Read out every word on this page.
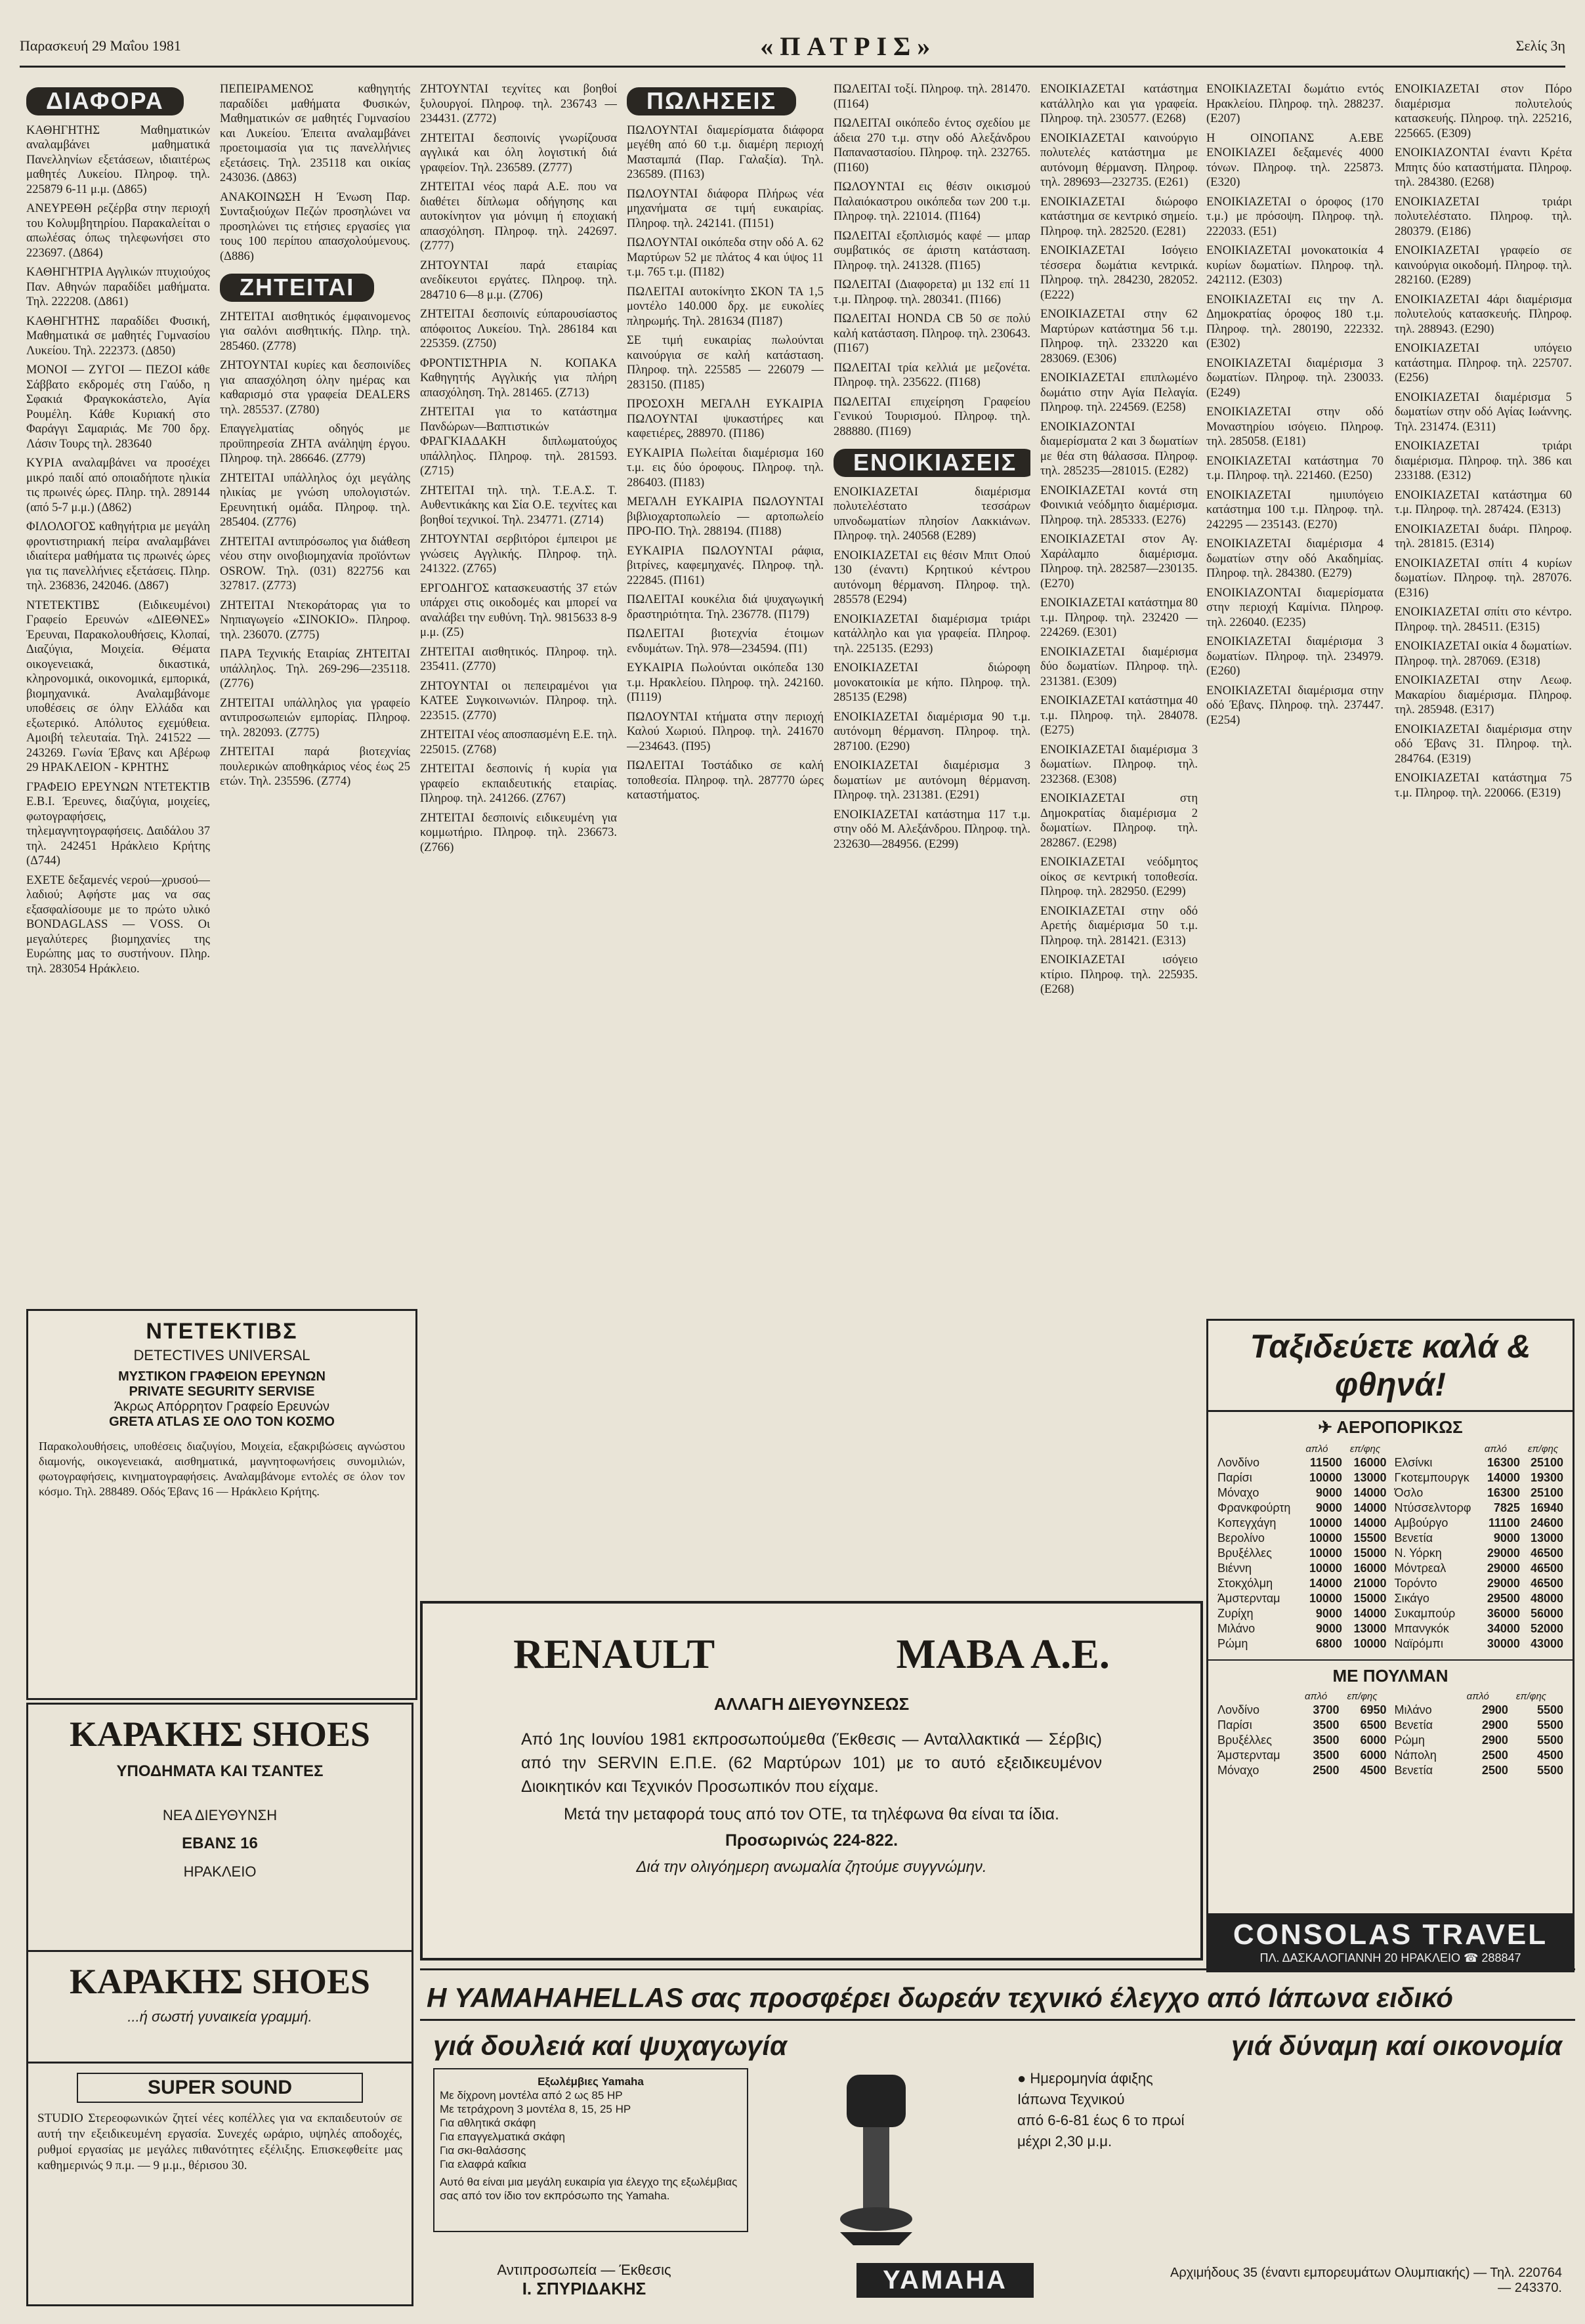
Παρασκευή 29 Μαΐου 1981	«ΠΑΤΡΙΣ»	Σελίς 3η
ΔΙΑΦΟΡΑ

ΚΑΘΗΓΗΤΗΣ Μαθηματικών αναλαμβάνει μαθηματικά Πανελληνίων εξετάσεων, ιδιαιτέρως μαθητές Λυκείου. Πληροφ. τηλ. 225879 6-11 μ.μ. (Δ865)

ΑΝΕΥΡΕΘΗ ρεζέρβα στην περιοχή του Κολυμβητηρίου. Παρακαλείται ο απωλέσας όπως τηλεφωνήσει στο 223697. (Δ864)

ΚΑΘΗΓΗΤΡΙΑ Αγγλικών πτυχιούχος Παν. Αθηνών παραδίδει μαθήματα. Τηλ. 222208. (Δ861)

ΚΑΘΗΓΗΤΗΣ παραδίδει Φυσική, Μαθηματικά σε μαθητές Γυμνασίου Λυκείου. Τηλ. 222373. (Δ850)

ΜΟΝΟΙ — ΖΥΓΟΙ — ΠΕΖΟΙ κάθε Σάββατο εκδρομές στη Γαύδο, η Σφακιά Φραγκοκάστελο, Αγία Ρουμέλη. Κάθε Κυριακή στο Φαράγγι Σαμαριάς. Με 700 δρχ. Λάσιν Τουρς τηλ. 283640

ΚΥΡΙΑ αναλαμβάνει να προσέχει μικρό παιδί από οποιαδήποτε ηλικία τις πρωινές ώρες. Πληρ. τηλ. 289144 (από 5-7 μ.μ.) (Δ862)

ΦΙΛΟΛΟΓΟΣ καθηγήτρια με μεγάλη φροντιστηριακή πείρα αναλαμβάνει ιδιαίτερα μαθήματα τις πρωινές ώρες για τις πανελλήνιες εξετάσεις. Πληρ. τηλ. 236836, 242046. (Δ867)

ΝΤΕΤΕΚΤΙΒΣ (Ειδικευμένοι) Γραφείο Ερευνών «ΔΙΕΘΝΕΣ» Έρευναι, Παρακολουθήσεις, Κλοπαί, Διαζύγια, Μοιχεία. Θέματα οικογενειακά, δικαστικά, κληρονομικά, οικονομικά, εμπορικά, βιομηχανικά. Αναλαμβάνομε υποθέσεις σε όλην Ελλάδα και εξωτερικό. Απόλυτος εχεμύθεια. Αμοιβή τελευταία. Τηλ. 241522 — 243269. Γωνία Έβανς και Αβέρωφ 29 ΗΡΑΚΛΕΙΟΝ - ΚΡΗΤΗΣ

ΓΡΑΦΕΙΟ ΕΡΕΥΝΩΝ ΝΤΕΤΕΚΤΙΒ Ε.Β.Ι. Έρευνες, διαζύγια, μοιχείες, φωτογραφήσεις, τηλεμαγνητογραφήσεις. Δαιδάλου 37 τηλ. 242451 Ηράκλειο Κρήτης (Δ744)

ΕΧΕΤΕ δεξαμενές νερού—χρυσού—λαδιού; Αφήστε μας να σας εξασφαλίσουμε με το πρώτο υλικό BONDAGLASS — VOSS. Οι μεγαλύτερες βιομηχανίες της Ευρώπης μας το συστήνουν. Πληρ. τηλ. 283054 Ηράκλειο.

ΠΕΠΕΙΡΑΜΕΝΟΣ καθηγητής παραδίδει μαθήματα Φυσικών, Μαθηματικών σε μαθητές Γυμνασίου και Λυκείου. Έπειτα αναλαμβάνει προετοιμασία για τις πανελλήνιες εξετάσεις. Τηλ. 235118 και οικίας 243036. (Δ863)

ΑΝΑΚΟΙΝΩΣΗ Η Ένωση Παρ. Συνταξιούχων Πεζών προσηλώνει να προσηλώνει τις ετήσιες εργασίες για τους 100 περίπου απασχολούμενους. (Δ886)

ΖΗΤΕΙΤΑΙ

ΖΗΤΕΙΤΑΙ αισθητικός έμφαινομενος για σαλόνι αισθητικής. Πληρ. τηλ. 285460. (Ζ778)

ΖΗΤΟΥΝΤΑΙ κυρίες και δεσποινίδες για απασχόληση όλην ημέρας και καθαρισμό στα γραφεία DEALERS τηλ. 285537. (Ζ780)

Επαγγελματίας οδηγός με προϋπηρεσία ΖΗΤΑ ανάληψη έργου. Πληροφ. τηλ. 286646. (Ζ779)

ΖΗΤΕΙΤΑΙ υπάλληλος όχι μεγάλης ηλικίας με γνώση υπολογιστών. Ερευνητική ομάδα. Πληροφ. τηλ. 285404. (Ζ776)

ΖΗΤΕΙΤΑΙ αντιπρόσωπος για διάθεση νέου στην οινοβιομηχανία προϊόντων OSROW. Τηλ. (031) 822756 και 327817. (Ζ773)

ΖΗΤΕΙΤΑΙ Ντεκοράτορας για το Νηπιαγωγείο «ΣΙΝΟΚΙΟ». Πληροφ. τηλ. 236070. (Ζ775)

ΠΑΡΑ Τεχνικής Εταιρίας ΖΗΤΕΙΤΑΙ υπάλληλος. Τηλ. 269-296—235118. (Ζ776)

ΖΗΤΕΙΤΑΙ υπάλληλος για γραφείο αντιπροσωπειών εμπορίας. Πληροφ. τηλ. 282093. (Ζ775)

ΖΗΤΕΙΤΑΙ παρά βιοτεχνίας πουλερικών αποθηκάριος νέος έως 25 ετών. Τηλ. 235596. (Ζ774)

ΖΗΤΟΥΝΤΑΙ τεχνίτες και βοηθοί ξυλουργοί. Πληροφ. τηλ. 236743 — 234431. (Ζ772)

ΖΗΤΕΙΤΑΙ δεσποινίς γνωρίζουσα αγγλικά και όλη λογιστική διά γραφείον. Τηλ. 236589. (Ζ777)

ΖΗΤΕΙΤΑΙ νέος παρά Α.Ε. που να διαθέτει δίπλωμα οδήγησης και αυτοκίνητον για μόνιμη ή εποχιακή απασχόληση. Πληροφ. τηλ. 242697. (Ζ777)

ΖΗΤΟΥΝΤΑΙ παρά εταιρίας ανεδίκευτοι εργάτες. Πληροφ. τηλ. 284710 6—8 μ.μ. (Ζ706)

ΖΗΤΕΙΤΑΙ δεσποινίς εύπαρουσίαστος απόφοιτος Λυκείου. Τηλ. 286184 και 225359. (Ζ750)

ΦΡΟΝΤΙΣΤΗΡΙΑ Ν. ΚΟΠΑΚΑ Καθηγητής Αγγλικής για πλήρη απασχόληση. Τηλ. 281465. (Ζ713)

ΖΗΤΕΙΤΑΙ για το κατάστημα Πανδώρων—Βαπτιστικών ΦΡΑΓΚΙΑΔΑΚΗ διπλωματούχος υπάλληλος. Πληροφ. τηλ. 281593. (Ζ715)

ΖΗΤΕΙΤΑΙ τηλ. τηλ. Τ.Ε.Α.Σ. Τ. Αυθεντικάκης και Σία Ο.Ε. τεχνίτες και βοηθοί τεχνικοί. Τηλ. 234771. (Ζ714)

ΖΗΤΟΥΝΤΑΙ σερβιτόροι έμπειροι με γνώσεις Αγγλικής. Πληροφ. τηλ. 241322. (Ζ765)

ΕΡΓΟΔΗΓΟΣ κατασκευαστής 37 ετών υπάρχει στις οικοδομές και μπορεί να αναλάβει την ευθύνη. Τηλ. 9815633 8-9 μ.μ. (Ζ5)

ΖΗΤΕΙΤΑΙ αισθητικός. Πληροφ. τηλ. 235411. (Ζ770)

ΖΗΤΟΥΝΤΑΙ οι πεπειραμένοι για ΚΑΤΕΕ Συγκοινωνιών. Πληροφ. τηλ. 223515. (Ζ770)

ΖΗΤΕΙΤΑΙ νέος αποσπασμένη Ε.Ε. τηλ. 225015. (Ζ768)

ΖΗΤΕΙΤΑΙ δεσποινίς ή κυρία για γραφείο εκπαιδευτικής εταιρίας. Πληροφ. τηλ. 241266. (Ζ767)

ΖΗΤΕΙΤΑΙ δεσποινίς ειδικευμένη για κομμωτήριο. Πληροφ. τηλ. 236673. (Ζ766)

ΠΩΛΗΣΕΙΣ

ΠΩΛΟΥΝΤΑΙ διαμερίσματα διάφορα μεγέθη από 60 τ.μ. διαμέρη περιοχή Μασταμπά (Παρ. Γαλαξία). Τηλ. 236589. (Π163)

ΠΩΛΟΥΝΤΑΙ διάφορα Πλήρως νέα μηχανήματα σε τιμή ευκαιρίας. Πληροφ. τηλ. 242141. (Π151)

ΠΩΛΟΥΝΤΑΙ οικόπεδα στην οδό Α. 62 Μαρτύρων 52 με πλάτος 4 και ύψος 11 τ.μ. 765 τ.μ. (Π182)

ΠΩΛΕΙΤΑΙ αυτοκίνητο ΣΚΟΝ ΤΑ 1,5 μοντέλο 140.000 δρχ. με ευκολίες πληρωμής. Τηλ. 281634 (Π187)

ΣΕ τιμή ευκαιρίας πωλούνται καινούργια σε καλή κατάσταση. Πληροφ. τηλ. 225585 — 226079 — 283150. (Π185)

ΠΡΟΣΟΧΗ ΜΕΓΑΛΗ ΕΥΚΑΙΡΙΑ ΠΩΛΟΥΝΤΑΙ ψυκαστήρες και καφετιέρες, 288970. (Π186)

ΕΥΚΑΙΡΙΑ Πωλείται διαμέρισμα 160 τ.μ. εις δύο όροφους. Πληροφ. τηλ. 286403. (Π183)

ΜΕΓΑΛΗ ΕΥΚΑΙΡΙΑ ΠΩΛΟΥΝΤΑΙ βιβλιοχαρτοπωλείο — αρτοπωλείο ΠΡΟ-ΠΟ. Τηλ. 288194. (Π188)

ΕΥΚΑΙΡΙΑ ΠΩΛΟΥΝΤΑΙ ράφια, βιτρίνες, καφεμηχανές. Πληροφ. τηλ. 222845. (Π161)

ΠΩΛΕΙΤΑΙ κουκέλια διά ψυχαγωγική δραστηριότητα. Τηλ. 236778. (Π179)

ΠΩΛΕΙΤΑΙ βιοτεχνία έτοιμων ενδυμάτων. Τηλ. 978—234594. (Π1)

ΕΥΚΑΙΡΙΑ Πωλούνται οικόπεδα 130 τ.μ. Ηρακλείου. Πληροφ. τηλ. 242160. (Π119)

ΠΩΛΟΥΝΤΑΙ κτήματα στην περιοχή Καλού Χωριού. Πληροφ. τηλ. 241670—234643. (Π95)

ΠΩΛΕΙΤΑΙ Τοστάδικο σε καλή τοποθεσία. Πληροφ. τηλ. 287770 ώρες καταστήματος.

ΠΩΛΕΙΤΑΙ τοξί. Πληροφ. τηλ. 281470. (Π164)

ΠΩΛΕΙΤΑΙ οικόπεδο έντος σχεδίου με άδεια 270 τ.μ. στην οδό Αλεξάνδρου Παπαναστασίου. Πληροφ. τηλ. 232765. (Π160)

ΠΩΛΟΥΝΤΑΙ εις θέσιν οικισμού Παλαιόκαστρου οικόπεδα των 200 τ.μ. Πληροφ. τηλ. 221014. (Π164)

ΠΩΛΕΙΤΑΙ εξοπλισμός καφέ — μπαρ συμβατικός σε άριστη κατάσταση. Πληροφ. τηλ. 241328. (Π165)

ΠΩΛΕΙΤΑΙ (Διαφορετα) μι 132 επί 11 τ.μ. Πληροφ. τηλ. 280341. (Π166)

ΠΩΛΕΙΤΑΙ HONDA CB 50 σε πολύ καλή κατάσταση. Πληροφ. τηλ. 230643. (Π167)

ΠΩΛΕΙΤΑΙ τρία κελλιά με μεζονέτα. Πληροφ. τηλ. 235622. (Π168)

ΠΩΛΕΙΤΑΙ επιχείρηση Γραφείου Γενικού Τουρισμού. Πληροφ. τηλ. 288880. (Π169)

ΕΝΟΙΚΙΑΣΕΙΣ

ΕΝΟΙΚΙΑΖΕΤΑΙ διαμέρισμα πολυτελέστατο τεσσάρων υπνοδωματίων πλησίον Λακκιάνων. Πληροφ. τηλ. 240568 (Ε289)

ΕΝΟΙΚΙΑΖΕΤΑΙ εις θέσιν Μπιτ Οπού 130 (έναντι) Κρητικού κέντρου αυτόνομη θέρμανση. Πληροφ. τηλ. 285578 (Ε294)

ΕΝΟΙΚΙΑΖΕΤΑΙ διαμέρισμα τριάρι κατάλληλο και για γραφεία. Πληροφ. τηλ. 225135. (Ε293)

ΕΝΟΙΚΙΑΖΕΤΑΙ διώροφη μονοκατοικία με κήπο. Πληροφ. τηλ. 285135 (Ε298)

ΕΝΟΙΚΙΑΖΕΤΑΙ διαμέρισμα 90 τ.μ. αυτόνομη θέρμανση. Πληροφ. τηλ. 287100. (Ε290)

ΕΝΟΙΚΙΑΖΕΤΑΙ διαμέρισμα 3 δωματίων με αυτόνομη θέρμανση. Πληροφ. τηλ. 231381. (Ε291)

ΕΝΟΙΚΙΑΖΕΤΑΙ κατάστημα 117 τ.μ. στην οδό Μ. Αλεξάνδρου. Πληροφ. τηλ. 232630—284956. (Ε299)

ΕΝΟΙΚΙΑΖΕΤΑΙ κατάστημα κατάλληλο και για γραφεία. Πληροφ. τηλ. 230577. (Ε268)

ΕΝΟΙΚΙΑΖΕΤΑΙ καινούργιο πολυτελές κατάστημα με αυτόνομη θέρμανση. Πληροφ. τηλ. 289693—232735. (Ε261)

ΕΝΟΙΚΙΑΖΕΤΑΙ διώροφο κατάστημα σε κεντρικό σημείο. Πληροφ. τηλ. 282520. (Ε281)

ΕΝΟΙΚΙΑΖΕΤΑΙ Ισόγειο τέσσερα δωμάτια κεντρικά. Πληροφ. τηλ. 284230, 282052. (Ε222)

ΕΝΟΙΚΙΑΖΕΤΑΙ στην 62 Μαρτύρων κατάστημα 56 τ.μ. Πληροφ. τηλ. 233220 και 283069. (Ε306)

ΕΝΟΙΚΙΑΖΕΤΑΙ επιπλωμένο δωμάτιο στην Αγία Πελαγία. Πληροφ. τηλ. 224569. (Ε258)

ΕΝΟΙΚΙΑΖΟΝΤΑΙ διαμερίσματα 2 και 3 δωματίων με θέα στη θάλασσα. Πληροφ. τηλ. 285235—281015. (Ε282)

ΕΝΟΙΚΙΑΖΕΤΑΙ κοντά στη Φοινικιά νεόδμητο διαμέρισμα. Πληροφ. τηλ. 285333. (Ε276)

ΕΝΟΙΚΙΑΖΕΤΑΙ στον Αγ. Χαράλαμπο διαμέρισμα. Πληροφ. τηλ. 282587—230135. (Ε270)

ΕΝΟΙΚΙΑΖΕΤΑΙ κατάστημα 80 τ.μ. Πληροφ. τηλ. 232420 — 224269. (Ε301)

ΕΝΟΙΚΙΑΖΕΤΑΙ διαμέρισμα δύο δωματίων. Πληροφ. τηλ. 231381. (Ε309)

ΕΝΟΙΚΙΑΖΕΤΑΙ κατάστημα 40 τ.μ. Πληροφ. τηλ. 284078. (Ε275)

ΕΝΟΙΚΙΑΖΕΤΑΙ διαμέρισμα 3 δωματίων. Πληροφ. τηλ. 232368. (Ε308)

ΕΝΟΙΚΙΑΖΕΤΑΙ στη Δημοκρατίας διαμέρισμα 2 δωματίων. Πληροφ. τηλ. 282867. (Ε298)

ΕΝΟΙΚΙΑΖΕΤΑΙ νεόδμητος οίκος σε κεντρική τοποθεσία. Πληροφ. τηλ. 282950. (Ε299)

ΕΝΟΙΚΙΑΖΕΤΑΙ στην οδό Αρετής διαμέρισμα 50 τ.μ. Πληροφ. τηλ. 281421. (Ε313)

ΕΝΟΙΚΙΑΖΕΤΑΙ ισόγειο κτίριο. Πληροφ. τηλ. 225935. (Ε268)

ΕΝΟΙΚΙΑΖΕΤΑΙ δωμάτιο εντός Ηρακλείου. Πληροφ. τηλ. 288237. (Ε207)

Η ΟΙΝΟΠΑΝΣ Α.ΕΒΕ ΕΝΟΙΚΙΑΖΕΙ δεξαμενές 4000 τόνων. Πληροφ. τηλ. 225873. (Ε320)

ΕΝΟΙΚΙΑΖΕΤΑΙ ο όροφος (170 τ.μ.) με πρόσοψη. Πληροφ. τηλ. 222033. (Ε51)

ΕΝΟΙΚΙΑΖΕΤΑΙ μονοκατοικία 4 κυρίων δωματίων. Πληροφ. τηλ. 242112. (Ε303)

ΕΝΟΙΚΙΑΖΕΤΑΙ εις την Λ. Δημοκρατίας όροφος 180 τ.μ. Πληροφ. τηλ. 280190, 222332. (Ε302)

ΕΝΟΙΚΙΑΖΕΤΑΙ διαμέρισμα 3 δωματίων. Πληροφ. τηλ. 230033. (Ε249)

ΕΝΟΙΚΙΑΖΕΤΑΙ στην οδό Μοναστηρίου ισόγειο. Πληροφ. τηλ. 285058. (Ε181)

ΕΝΟΙΚΙΑΖΕΤΑΙ κατάστημα 70 τ.μ. Πληροφ. τηλ. 221460. (Ε250)

ΕΝΟΙΚΙΑΖΕΤΑΙ ημιυπόγειο κατάστημα 100 τ.μ. Πληροφ. τηλ. 242295 — 235143. (Ε270)

ΕΝΟΙΚΙΑΖΕΤΑΙ διαμέρισμα 4 δωματίων στην οδό Ακαδημίας. Πληροφ. τηλ. 284380. (Ε279)

ΕΝΟΙΚΙΑΖΟΝΤΑΙ διαμερίσματα στην περιοχή Καμίνια. Πληροφ. τηλ. 226040. (Ε235)

ΕΝΟΙΚΙΑΖΕΤΑΙ διαμέρισμα 3 δωματίων. Πληροφ. τηλ. 234979. (Ε260)

ΕΝΟΙΚΙΑΖΕΤΑΙ διαμέρισμα στην οδό Έβανς. Πληροφ. τηλ. 237447. (Ε254)

ΕΝΟΙΚΙΑΖΕΤΑΙ στον Πόρο διαμέρισμα πολυτελούς κατασκευής. Πληροφ. τηλ. 225216, 225665. (Ε309)

ΕΝΟΙΚΙΑΖΟΝΤΑΙ έναντι Κρέτα Μπητς δύο καταστήματα. Πληροφ. τηλ. 284380. (Ε268)

ΕΝΟΙΚΙΑΖΕΤΑΙ τριάρι πολυτελέστατο. Πληροφ. τηλ. 280379. (Ε186)

ΕΝΟΙΚΙΑΖΕΤΑΙ γραφείο σε καινούργια οικοδομή. Πληροφ. τηλ. 282160. (Ε289)

ΕΝΟΙΚΙΑΖΕΤΑΙ 4άρι διαμέρισμα πολυτελούς κατασκευής. Πληροφ. τηλ. 288943. (Ε290)

ΕΝΟΙΚΙΑΖΕΤΑΙ υπόγειο κατάστημα. Πληροφ. τηλ. 225707. (Ε256)

ΕΝΟΙΚΙΑΖΕΤΑΙ διαμέρισμα 5 δωματίων στην οδό Αγίας Ιωάννης. Τηλ. 231474. (Ε311)

ΕΝΟΙΚΙΑΖΕΤΑΙ τριάρι διαμέρισμα. Πληροφ. τηλ. 386 και 233188. (Ε312)

ΕΝΟΙΚΙΑΖΕΤΑΙ κατάστημα 60 τ.μ. Πληροφ. τηλ. 287424. (Ε313)

ΕΝΟΙΚΙΑΖΕΤΑΙ δυάρι. Πληροφ. τηλ. 281815. (Ε314)

ΕΝΟΙΚΙΑΖΕΤΑΙ σπίτι 4 κυρίων δωματίων. Πληροφ. τηλ. 287076. (Ε316)

ΕΝΟΙΚΙΑΖΕΤΑΙ σπίτι στο κέντρο. Πληροφ. τηλ. 284511. (Ε315)

ΕΝΟΙΚΙΑΖΕΤΑΙ οικία 4 δωματίων. Πληροφ. τηλ. 287069. (Ε318)

ΕΝΟΙΚΙΑΖΕΤΑΙ στην Λεωφ. Μακαρίου διαμέρισμα. Πληροφ. τηλ. 285948. (Ε317)

ΕΝΟΙΚΙΑΖΕΤΑΙ διαμέρισμα στην οδό Έβανς 31. Πληροφ. τηλ. 284764. (Ε319)

ΕΝΟΙΚΙΑΖΕΤΑΙ κατάστημα 75 τ.μ. Πληροφ. τηλ. 220066. (Ε319)

ΝΤΕΤΕΚΤΙΒΣ
DETECTIVES UNIVERSAL
ΜΥΣΤΙΚΟΝ ΓΡΑΦΕΙΟΝ ΕΡΕΥΝΩΝ
PRIVATE SEGURITY SERVISE
Άκρως Απόρρητον Γραφείο Ερευνών
GRETA ATLAS ΣΕ ΟΛΟ ΤΟΝ ΚΟΣΜΟ
Παρακολουθήσεις, υποθέσεις διαζυγίου, Μοιχεία, εξακριβώσεις αγνώστου διαμονής, οικογενειακά, αισθηματικά, μαγνητοφωνήσεις συνομιλιών, φωτογραφήσεις, κινηματογραφήσεις. Αναλαμβάνομε εντολές σε όλον τον κόσμο. Τηλ. 288489. Οδός Έβανς 16 — Ηράκλειο Κρήτης.
ΚΑΡΑΚΗΣ SHOES
ΥΠΟΔΗΜΑΤΑ ΚΑΙ ΤΣΑΝΤΕΣ
ΝΕΑ ΔΙΕΥΘΥΝΣΗ
ΕΒΑΝΣ 16
ΗΡΑΚΛΕΙΟ
ΚΑΡΑΚΗΣ SHOES
...ή σωστή γυναικεία γραμμή.
SUPER SOUND
STUDIO Στερεοφωνικών ζητεί νέες κοπέλλες για να εκπαιδευτούν σε αυτή την εξειδικευμένη εργασία. Συνεχές ωράριο, υψηλές αποδοχές, ρυθμοί εργασίας με μεγάλες πιθανότητες εξέλιξης. Επισκεφθείτε μας καθημερινώς 9 π.μ. — 9 μ.μ., θέρισου 30.
RENAULT	ΜΑΒΑ Α.Ε.
ΑΛΛΑΓΗ ΔΙΕΥΘΥΝΣΕΩΣ
Από 1ης Ιουνίου 1981 εκπροσωπούμεθα (Έκθεσις — Ανταλλακτικά — Σέρβις) από την SERVIN Ε.Π.Ε. (62 Μαρτύρων 101) με το αυτό εξειδικευμένον Διοικητικόν και Τεχνικόν Προσωπικόν που είχαμε.
Μετά την μεταφορά τους από τον ΟΤΕ, τα τηλέφωνα θα είναι τα ίδια.
Προσωρινώς 224-822.
Διά την ολιγόημερη ανωμαλία ζητούμε συγγνώμην.
Ταξιδεύετε καλά & φθηνά!
✈ ΑΕΡΟΠΟΡΙΚΩΣ
	απλό	επ/φης
Λονδίνο	11500	16000
Παρίσι	10000	13000
Μόναχο	9000	14000
Φρανκφούρτη	9000	14000
Κοπεγχάγη	10000	14000
Βερολίνο	10000	15500
Βρυξέλλες	10000	15000
Βιέννη	10000	16000
Στοκχόλμη	14000	21000
Άμστερνταμ	10000	15000
Ζυρίχη	9000	14000
Μιλάνο	9000	13000
Ρώμη	6800	10000
	απλό	επ/φης
Ελσίνκι	16300	25100
Γκοτεμπουργκ	14000	19300
Όσλο	16300	25100
Ντύσσελντορφ	7825	16940
Αμβούργο	11100	24600
Βενετία	9000	13000
Ν. Υόρκη	29000	46500
Μόντρεαλ	29000	46500
Τορόντο	29000	46500
Σικάγο	29500	48000
Συκαμπούρ	36000	56000
Μπανγκόκ	34000	52000
Ναϊρόμπι	30000	43000
ΜΕ ΠΟΥΛΜΑΝ
	απλό	επ/φης
Λονδίνο	3700	6950
Παρίσι	3500	6500
Βρυξέλλες	3500	6000
Άμστερνταμ	3500	6000
Μόναχο	2500	4500
	απλό	επ/φης
Μιλάνο	2900	5500
Βενετία	2900	5500
Ρώμη	2900	5500
Νάπολη	2500	4500
Βενετία	2500	5500
CONSOLAS TRAVEL
ΠΛ. ΔΑΣΚΑΛΟΓΙΑΝΝΗ 20 ΗΡΑΚΛΕΙΟ ☎ 288847
Η YAMAHAHELLAS σας προσφέρει δωρεάν τεχνικό έλεγχο από Ιάπωνα ειδικό
γιά δουλειά καί ψυχαγωγία	γιά δύναμη καί οικονομία
Εξωλέμβιες Yamaha
Με δίχρονη μοντέλα από 2 ως 85 HP
Με τετράχρονη 3 μοντέλα 8, 15, 25 HP
Για αθλητικά σκάφη
Για επαγγελματικά σκάφη
Για σκι-θαλάσσης
Για ελαφρά καΐκια
Αυτό θα είναι μια μεγάλη ευκαιρία για έλεγχο της εξωλέμβιας σας από τον ίδιο τον εκπρόσωπο της Yamaha.
● Ημερομηνία άφιξης
Ιάπωνα Τεχνικού
από 6-6-81 έως 6 το πρωί
μέχρι 2,30 μ.μ.
Αντιπροσωπεία — Έκθεσις
Ι. ΣΠΥΡΙΔΑΚΗΣ	YAMAHA	Αρχιμήδους 35 (έναντι εμπορευμάτων Ολυμπιακής) — Τηλ. 220764 — 243370.
